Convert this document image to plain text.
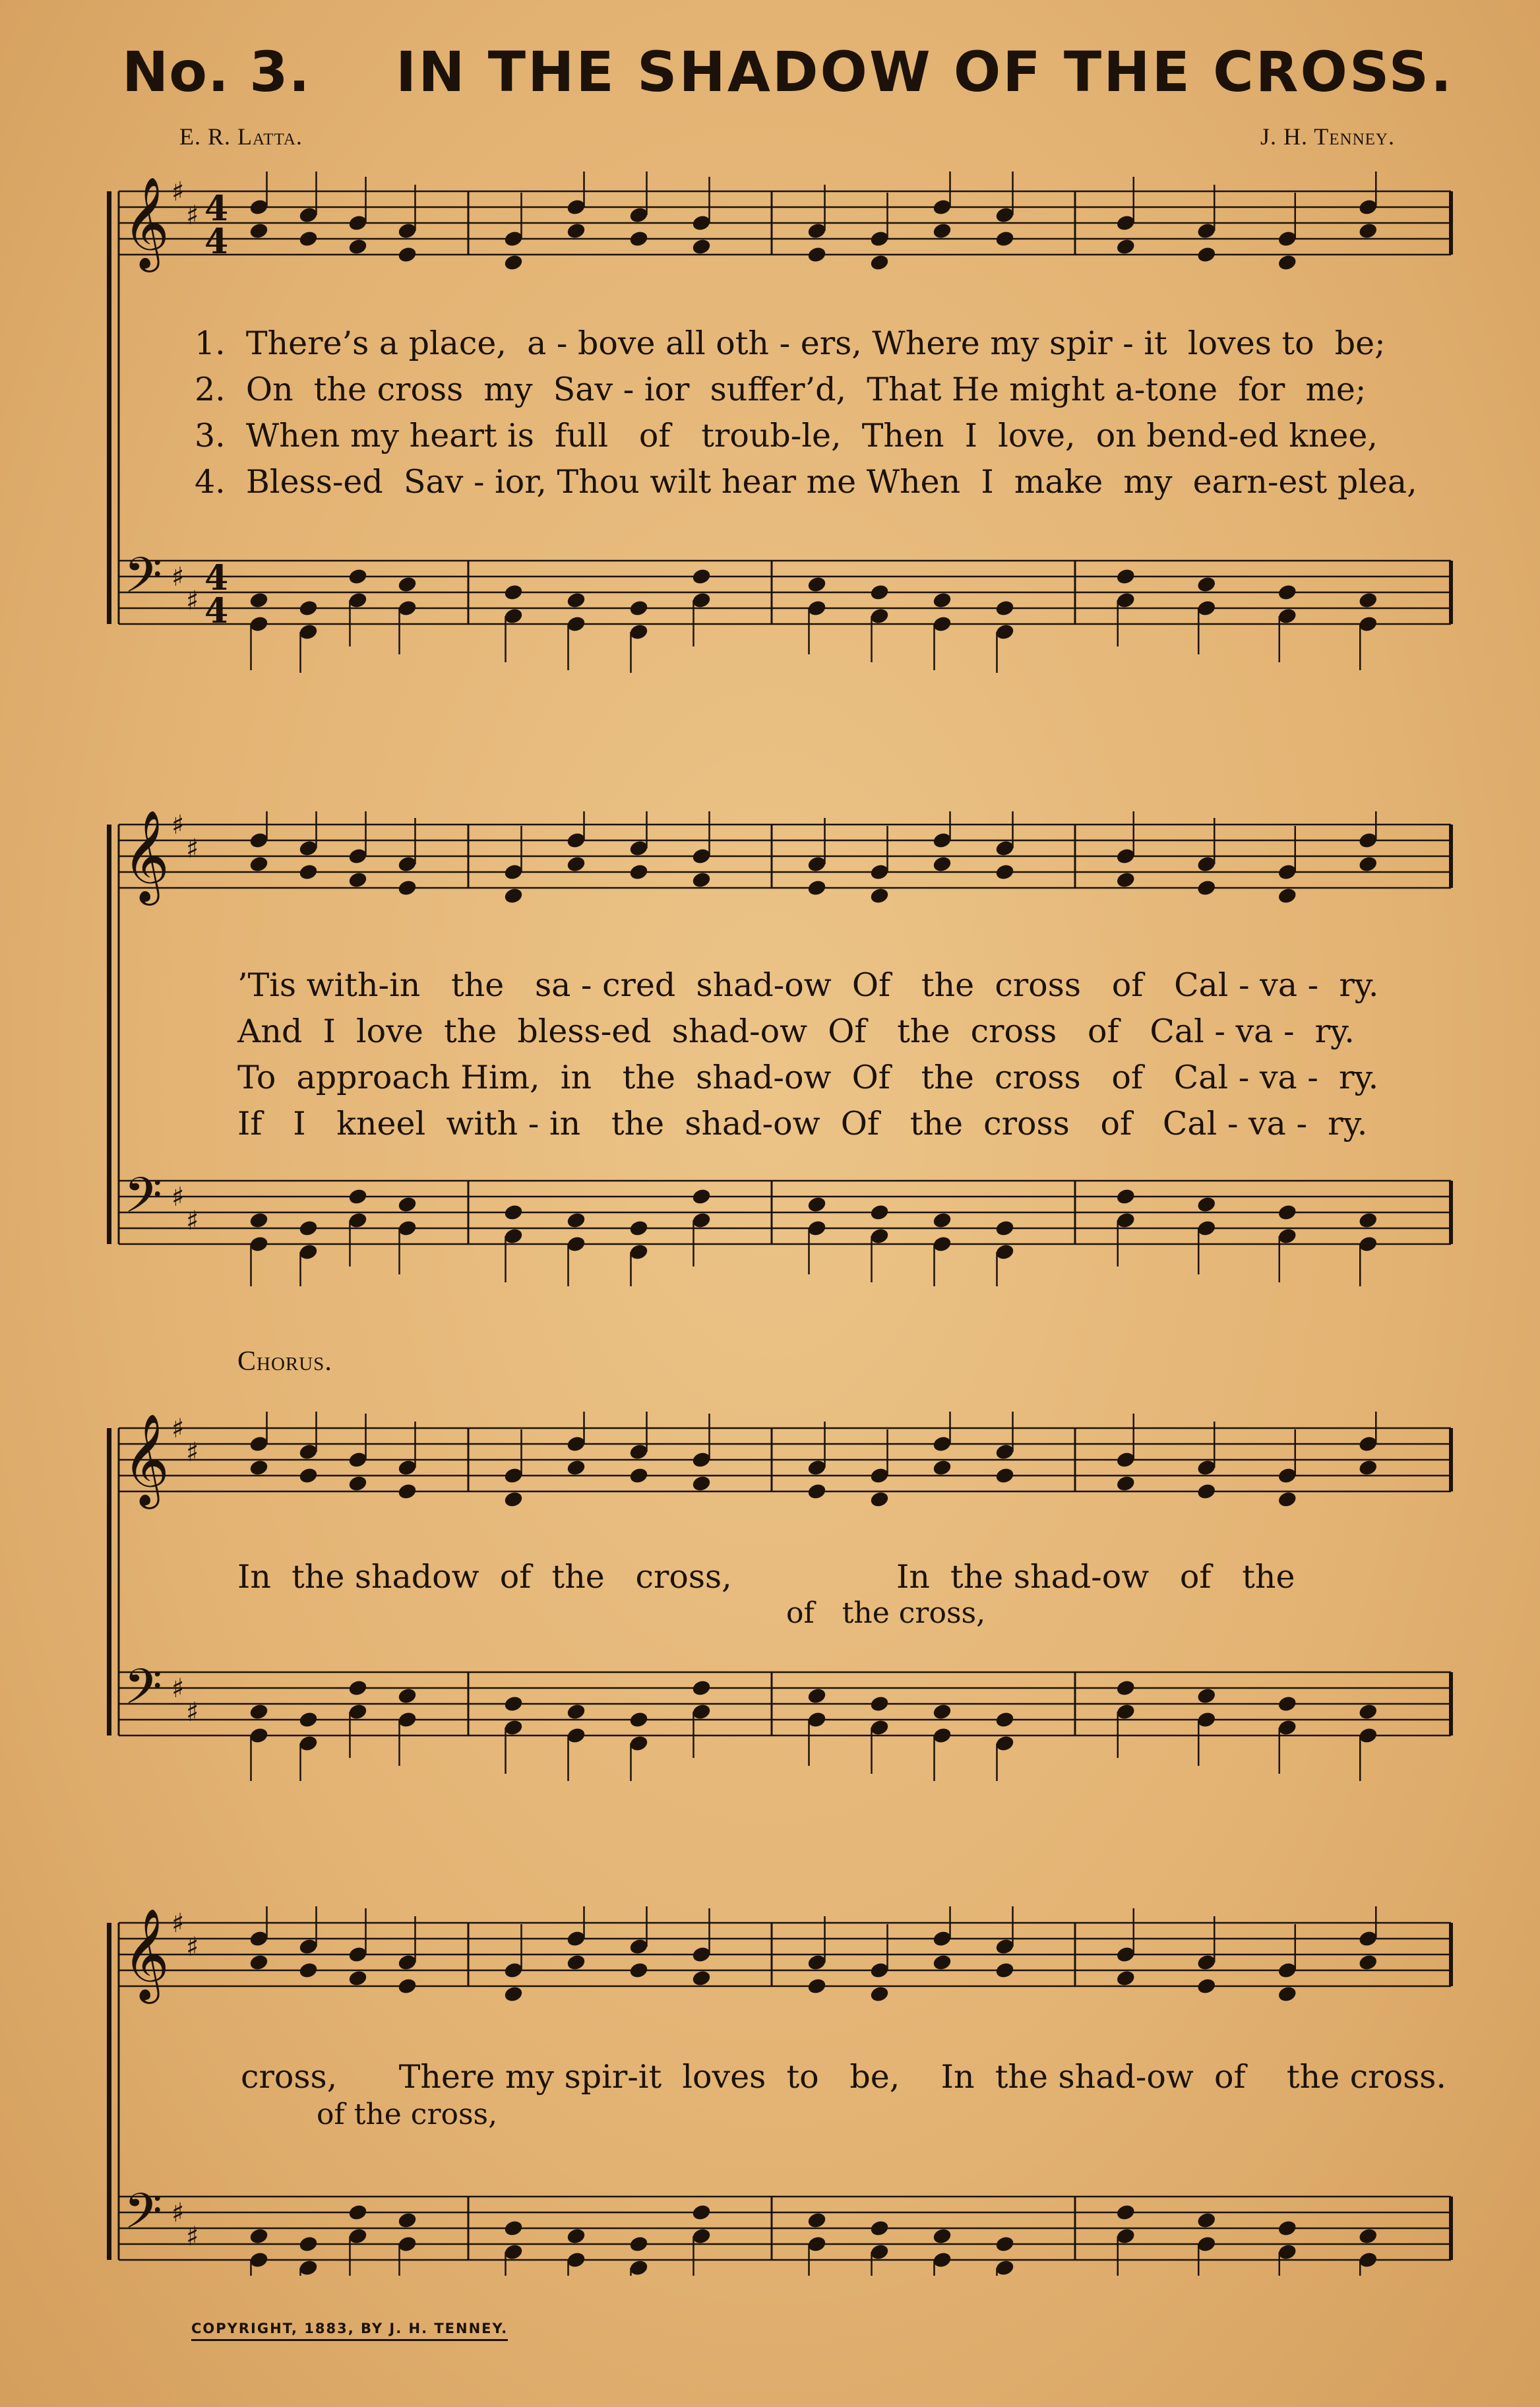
No. 3. IN THE SHADOW OF THE CROSS.
E. R. Latta.	J. H. Tenney.
𝄞
𝄢
♯
♯
♯
♯
4
4
4
4
1.  There’s a place,  a - bove all oth - ers, Where my spir - it  loves to  be;
2.  On  the cross  my  Sav - ior  suffer’d,  That He might a-tone  for  me;
3.  When my heart is  full   of   troub-le,  Then  I  love,  on bend-ed knee,
4.  Bless-ed  Sav - ior, Thou wilt hear me When  I  make  my  earn-est plea,
𝄞
𝄢
♯
♯
♯
♯
’Tis with-in   the   sa - cred  shad-ow  Of   the  cross   of   Cal - va -  ry.
And  I  love  the  bless-ed  shad-ow  Of   the  cross   of   Cal - va -  ry.
To  approach Him,  in   the  shad-ow  Of   the  cross   of   Cal - va -  ry.
If   I   kneel  with - in   the  shad-ow  Of   the  cross   of   Cal - va -  ry.
Chorus.
𝄞
𝄢
♯
♯
♯
♯
In  the shadow  of  the   cross,                In  the shad-ow   of   the
of   the cross,
𝄞
𝄢
♯
♯
♯
♯
cross,      There my spir-it  loves  to   be,    In  the shad-ow  of    the cross.
of the cross,
COPYRIGHT, 1883, BY J. H. TENNEY.
